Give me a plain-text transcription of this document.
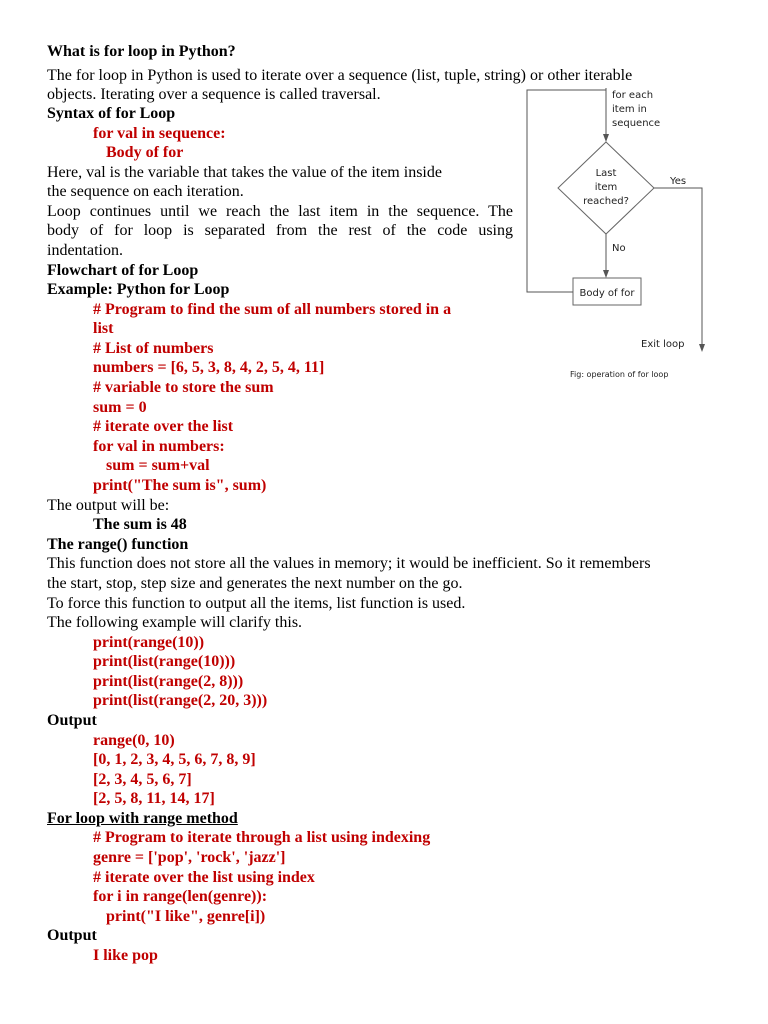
What is for loop in Python?

The for loop in Python is used to iterate over a sequence (list, tuple, string) or other iterable

objects. Iterating over a sequence is called traversal.

Syntax of for Loop

for val in sequence:

Body of for

Here, val is the variable that takes the value of the item inside

the sequence on each iteration.

Loop continues until we reach the last item in the sequence. The

body of for loop is separated from the rest of the code using

indentation.

Flowchart of for Loop

Example: Python for Loop

# Program to find the sum of all numbers stored in a

list

# List of numbers

numbers = [6, 5, 3, 8, 4, 2, 5, 4, 11]

# variable to store the sum

sum = 0

# iterate over the list

for val in numbers:

sum = sum+val

print("The sum is", sum)

The output will be:

The sum is 48

The range() function

This function does not store all the values in memory; it would be inefficient. So it remembers

the start, stop, step size and generates the next number on the go.

To force this function to output all the items, list function is used.

The following example will clarify this.

print(range(10))

print(list(range(10)))

print(list(range(2, 8)))

print(list(range(2, 20, 3)))

Output

range(0, 10)

[0, 1, 2, 3, 4, 5, 6, 7, 8, 9]

[2, 3, 4, 5, 6, 7]

[2, 5, 8, 11, 14, 17]

For loop with range method

# Program to iterate through a list using indexing

genre = ['pop', 'rock', 'jazz']

# iterate over the list using index

for i in range(len(genre)):

print("I like", genre[i])

Output

I like pop

for each
item in
sequence
Last
item
reached?
Yes
No
Body of for
Exit loop
Fig: operation of for loop
